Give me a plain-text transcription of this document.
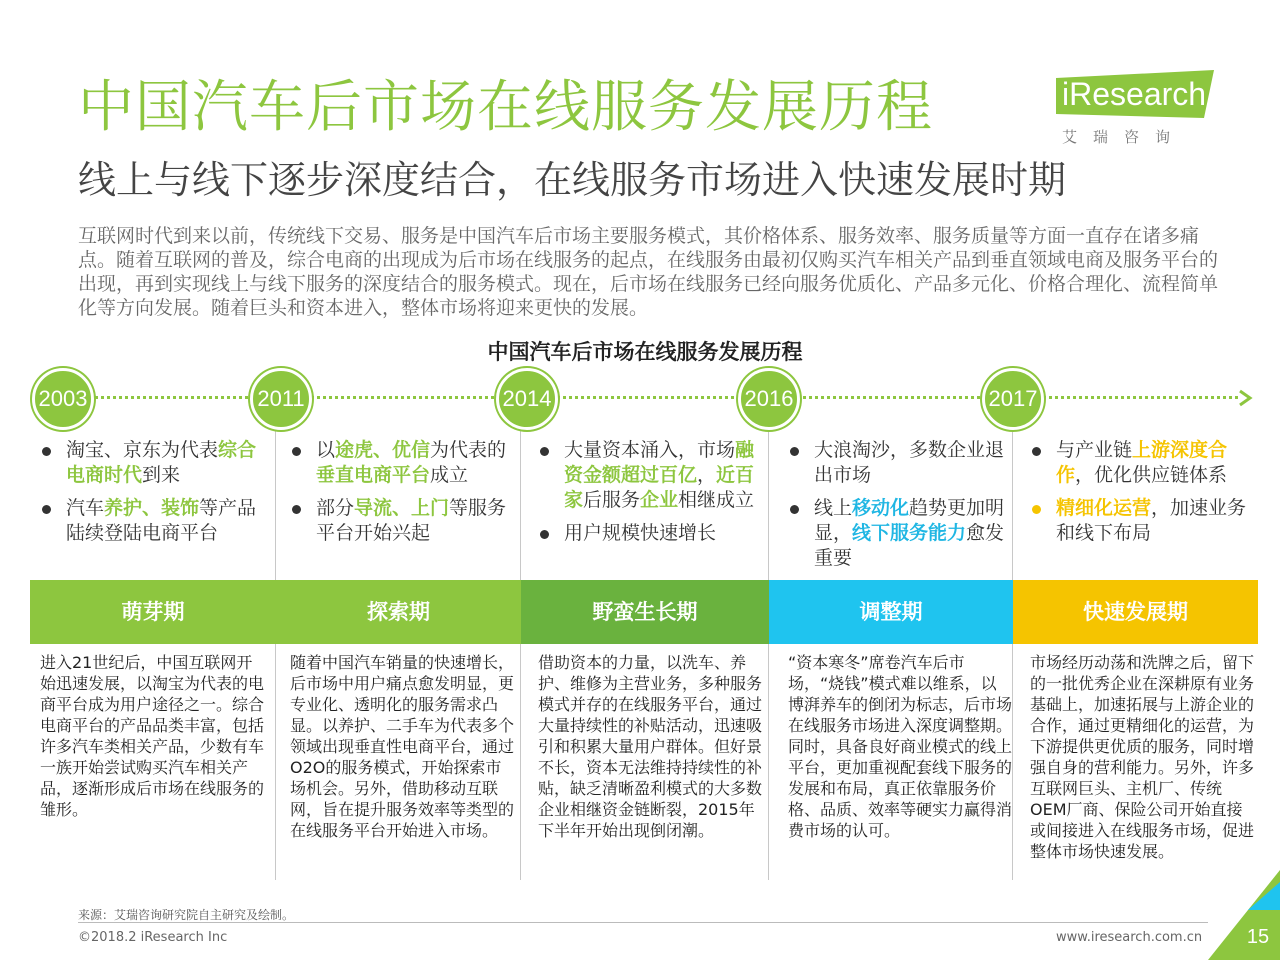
中国汽车后市场在线服务发展历程
线上与线下逐步深度结合，在线服务市场进入快速发展时期
iResearch
艾瑞咨询
互联网时代到来以前，传统线下交易、服务是中国汽车后市场主要服务模式，其价格体系、服务效率、服务质量等方面一直存在诸多痛点。随着互联网的普及，综合电商的出现成为后市场在线服务的起点，在线服务由最初仅购买汽车相关产品到垂直领域电商及服务平台的出现，再到实现线上与线下服务的深度结合的服务模式。现在，后市场在线服务已经向服务优质化、产品多元化、价格合理化、流程简单化等方向发展。随着巨头和资本进入，整体市场将迎来更快的发展。
中国汽车后市场在线服务发展历程
2003
淘宝、京东为代表综合电商时代到来
汽车养护、装饰等产品陆续登陆电商平台
萌芽期
进入21世纪后，中国互联网开始迅速发展，以淘宝为代表的电商平台成为用户途径之一。综合电商平台的产品品类丰富，包括许多汽车类相关产品，少数有车一族开始尝试购买汽车相关产品，逐渐形成后市场在线服务的雏形。
2011
以途虎、优信为代表的垂直电商平台成立
部分导流、上门等服务平台开始兴起
探索期
随着中国汽车销量的快速增长，后市场中用户痛点愈发明显，更专业化、透明化的服务需求凸显。以养护、二手车为代表多个领域出现垂直性电商平台，通过O2O的服务模式，开始探索市场机会。另外，借助移动互联网，旨在提升服务效率等类型的在线服务平台开始进入市场。
2014
大量资本涌入，市场融资金额超过百亿，近百家后服务企业相继成立
用户规模快速增长
野蛮生长期
借助资本的力量，以洗车、养护、维修为主营业务，多种服务模式并存的在线服务平台，通过大量持续性的补贴活动，迅速吸引和积累大量用户群体。但好景不长，资本无法维持持续性的补贴，缺乏清晰盈利模式的大多数企业相继资金链断裂，2015年下半年开始出现倒闭潮。
2016
大浪淘沙，多数企业退出市场
线上移动化趋势更加明显，线下服务能力愈发重要
调整期
“资本寒冬”席卷汽车后市场，“烧钱”模式难以维系，以博湃养车的倒闭为标志，后市场在线服务市场进入深度调整期。同时，具备良好商业模式的线上平台，更加重视配套线下服务的发展和布局，真正依靠服务价格、品质、效率等硬实力赢得消费市场的认可。
2017
与产业链上游深度合作，优化供应链体系
精细化运营，加速业务和线下布局
快速发展期
市场经历动荡和洗牌之后，留下的一批优秀企业在深耕原有业务基础上，加速拓展与上游企业的合作，通过更精细化的运营，为下游提供更优质的服务，同时增强自身的营利能力。另外，许多互联网巨头、主机厂、传统OEM厂商、保险公司开始直接或间接进入在线服务市场，促进整体市场快速发展。
来源：艾瑞咨询研究院自主研究及绘制。
©2018.2 iResearch Inc	www.iresearch.com.cn	15
